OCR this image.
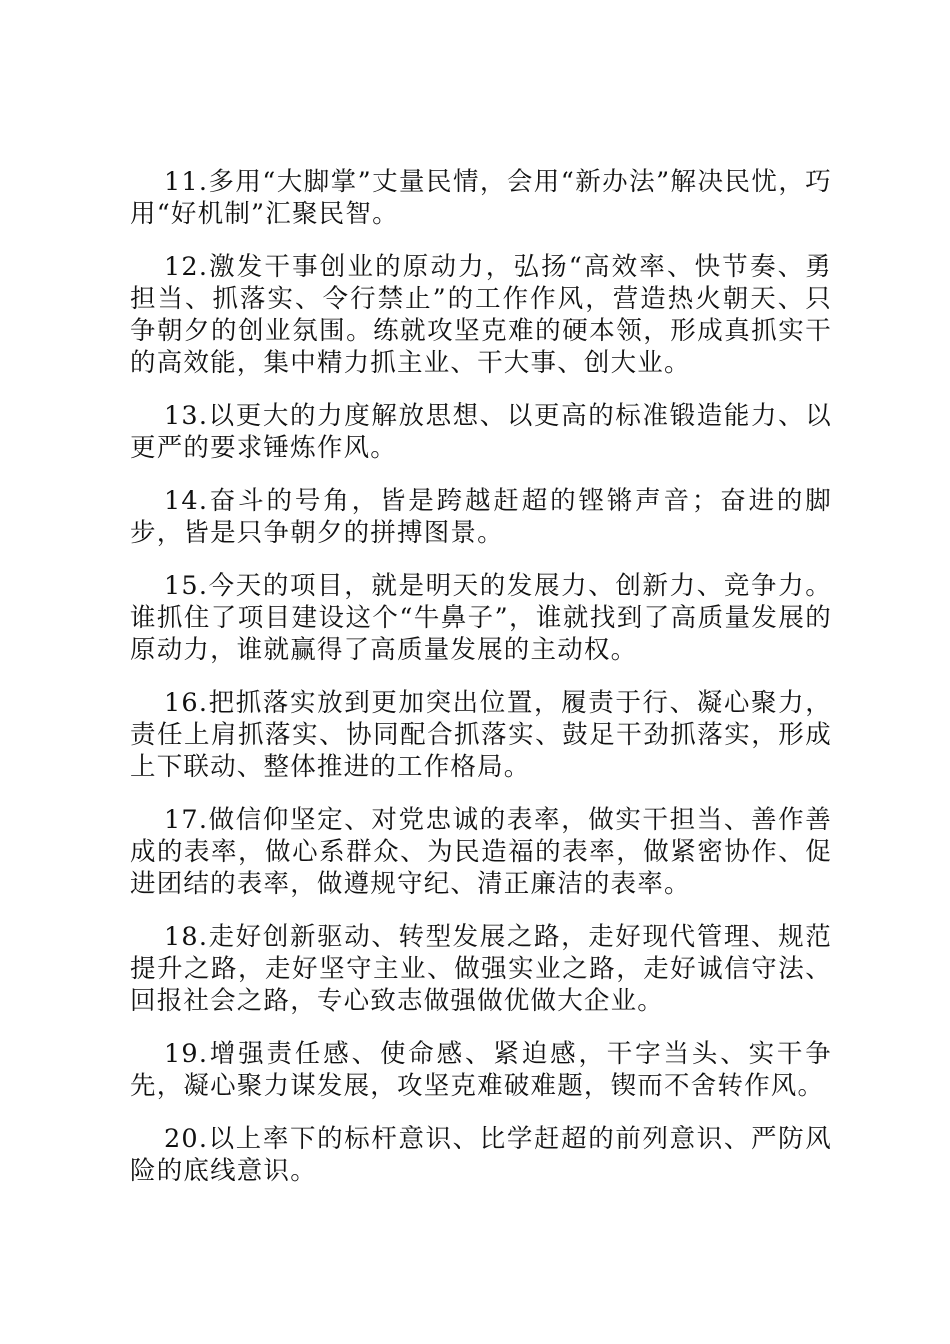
11.多用“大脚掌”丈量民情，会用“新办法”解决民忧，巧用“好机制”汇聚民智。

12.激发干事创业的原动力，弘扬“高效率、快节奏、勇担当、抓落实、令行禁止”的工作作风，营造热火朝天、只争朝夕的创业氛围。练就攻坚克难的硬本领，形成真抓实干的高效能，集中精力抓主业、干大事、创大业。

13.以更大的力度解放思想、以更高的标准锻造能力、以更严的要求锤炼作风。

14.奋斗的号角，皆是跨越赶超的铿锵声音；奋进的脚步，皆是只争朝夕的拼搏图景。

15.今天的项目，就是明天的发展力、创新力、竞争力。谁抓住了项目建设这个“牛鼻子”，谁就找到了高质量发展的原动力，谁就赢得了高质量发展的主动权。

16.把抓落实放到更加突出位置，履责于行、凝心聚力，责任上肩抓落实、协同配合抓落实、鼓足干劲抓落实，形成上下联动、整体推进的工作格局。

17.做信仰坚定、对党忠诚的表率，做实干担当、善作善成的表率，做心系群众、为民造福的表率，做紧密协作、促进团结的表率，做遵规守纪、清正廉洁的表率。

18.走好创新驱动、转型发展之路，走好现代管理、规范提升之路，走好坚守主业、做强实业之路，走好诚信守法、回报社会之路，专心致志做强做优做大企业。

19.增强责任感、使命感、紧迫感，干字当头、实干争先，凝心聚力谋发展，攻坚克难破难题，锲而不舍转作风。

20.以上率下的标杆意识、比学赶超的前列意识、严防风险的底线意识。
